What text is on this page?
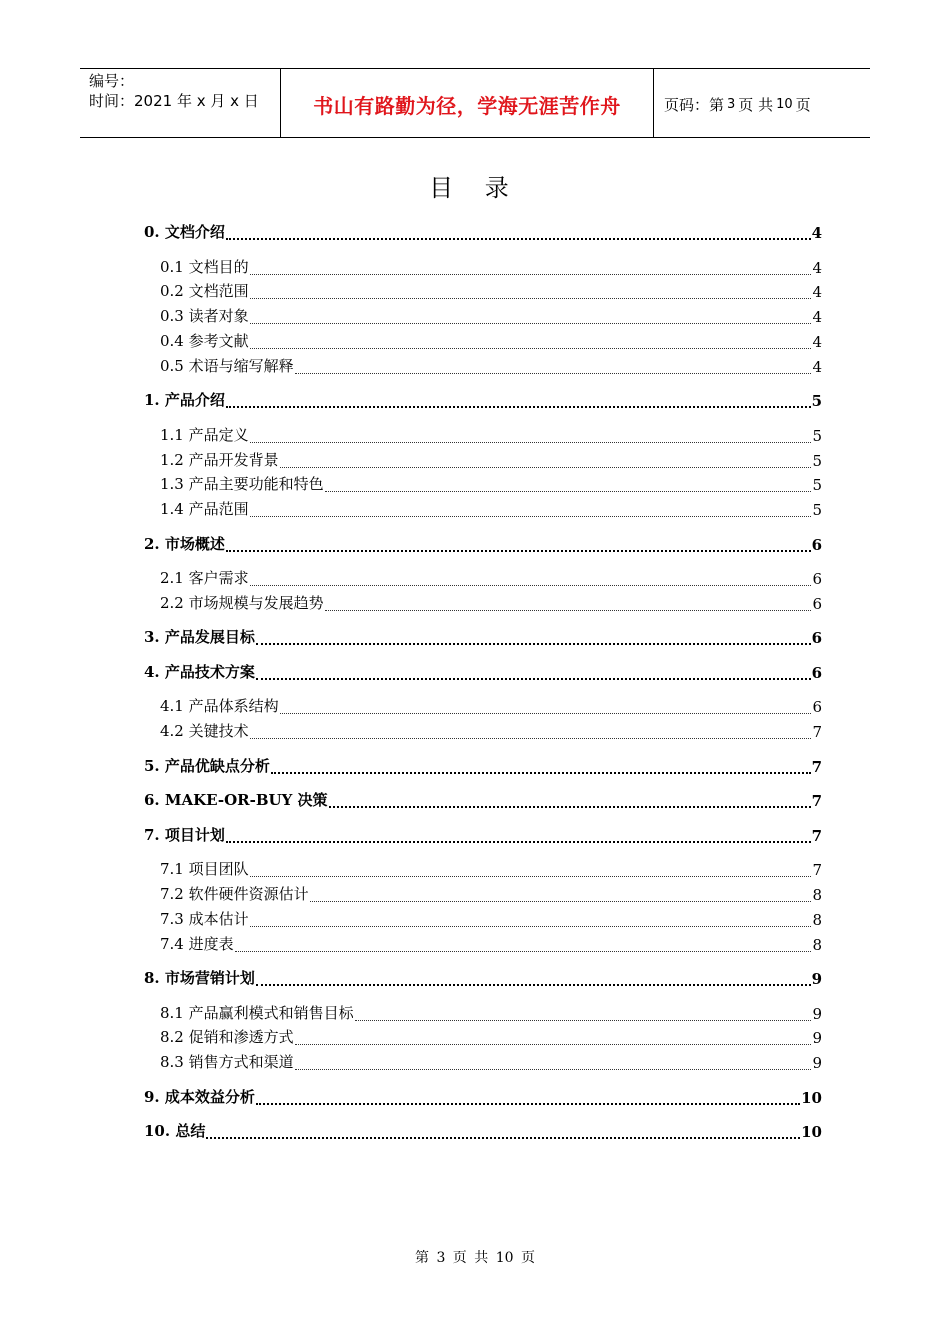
编号：
时间：2021 年 x 月 x 日	书山有路勤为径，学海无涯苦作舟	页码：第 3 页 共 10 页
目 录
0. 文档介绍	4
0.1 文档目的	4
0.2 文档范围	4
0.3 读者对象	4
0.4 参考文献	4
0.5 术语与缩写解释	4
1. 产品介绍	5
1.1 产品定义	5
1.2 产品开发背景	5
1.3 产品主要功能和特色	5
1.4 产品范围	5
2. 市场概述	6
2.1 客户需求	6
2.2 市场规模与发展趋势	6
3. 产品发展目标	6
4. 产品技术方案	6
4.1 产品体系结构	6
4.2 关键技术	7
5. 产品优缺点分析	7
6. MAKE-OR-BUY 决策	7
7. 项目计划	7
7.1 项目团队	7
7.2 软件硬件资源估计	8
7.3 成本估计	8
7.4 进度表	8
8. 市场营销计划	9
8.1 产品赢利模式和销售目标	9
8.2 促销和渗透方式	9
8.3 销售方式和渠道	9
9. 成本效益分析	10
10. 总结	10
第 3 页 共 10 页
